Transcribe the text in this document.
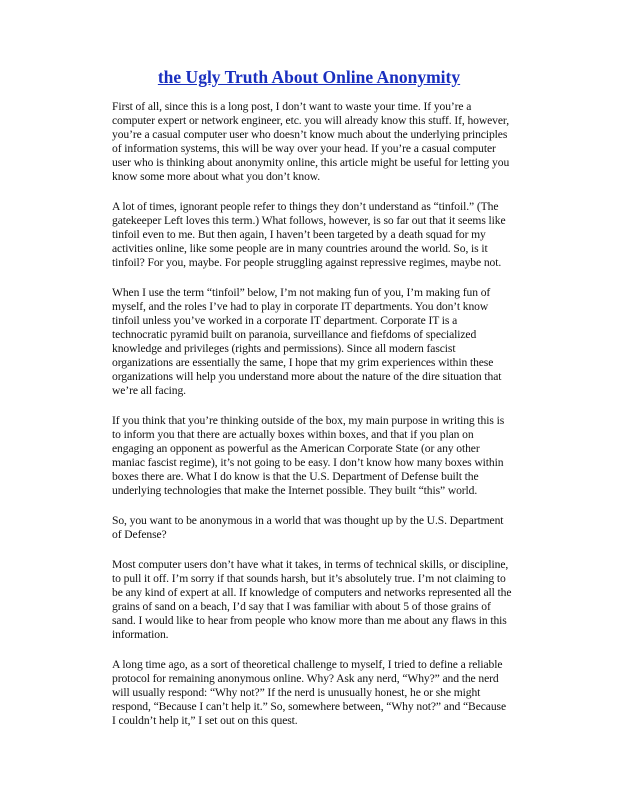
the Ugly Truth About Online Anonymity

First of all, since this is a long post, I don’t want to waste your time. If you’re a computer expert or network engineer, etc. you will already know this stuff. If, however, you’re a casual computer user who doesn’t know much about the underlying principles of information systems, this will be way over your head. If you’re a casual computer user who is thinking about anonymity online, this article might be useful for letting you know some more about what you don’t know.

A lot of times, ignorant people refer to things they don’t understand as “tinfoil.” (The gatekeeper Left loves this term.) What follows, however, is so far out that it seems like tinfoil even to me. But then again, I haven’t been targeted by a death squad for my activities online, like some people are in many countries around the world. So, is it tinfoil? For you, maybe. For people struggling against repressive regimes, maybe not.

When I use the term “tinfoil” below, I’m not making fun of you, I’m making fun of myself, and the roles I’ve had to play in corporate IT departments. You don’t know tinfoil unless you’ve worked in a corporate IT department. Corporate IT is a technocratic pyramid built on paranoia, surveillance and fiefdoms of specialized knowledge and privileges (rights and permissions). Since all modern fascist organizations are essentially the same, I hope that my grim experiences within these organizations will help you understand more about the nature of the dire situation that we’re all facing.

If you think that you’re thinking outside of the box, my main purpose in writing this is to inform you that there are actually boxes within boxes, and that if you plan on engaging an opponent as powerful as the American Corporate State (or any other maniac fascist regime), it’s not going to be easy. I don’t know how many boxes within boxes there are. What I do know is that the U.S. Department of Defense built the underlying technologies that make the Internet possible. They built “this” world.

So, you want to be anonymous in a world that was thought up by the U.S. Department of Defense?

Most computer users don’t have what it takes, in terms of technical skills, or discipline, to pull it off. I’m sorry if that sounds harsh, but it’s absolutely true. I’m not claiming to be any kind of expert at all. If knowledge of computers and networks represented all the grains of sand on a beach, I’d say that I was familiar with about 5 of those grains of sand. I would like to hear from people who know more than me about any flaws in this information.

A long time ago, as a sort of theoretical challenge to myself, I tried to define a reliable protocol for remaining anonymous online. Why? Ask any nerd, “Why?” and the nerd will usually respond: “Why not?” If the nerd is unusually honest, he or she might respond, “Because I can’t help it.” So, somewhere between, “Why not?” and “Because I couldn’t help it,” I set out on this quest.
